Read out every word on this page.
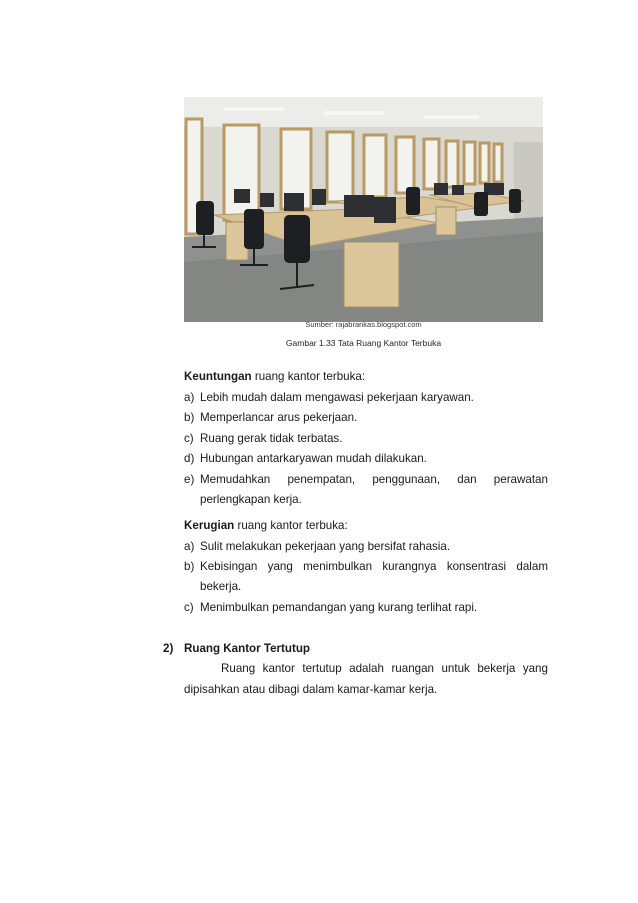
Sumber: rajabrankas.blogspot.com
Gambar 1.33 Tata Ruang Kantor Terbuka
Keuntungan ruang kantor terbuka:
a) Lebih mudah dalam mengawasi pekerjaan karyawan.
b) Memperlancar arus pekerjaan.
c) Ruang gerak tidak terbatas.
d) Hubungan antarkaryawan mudah dilakukan.
e) Memudahkan penempatan, penggunaan, dan perawatan
perlengkapan kerja.
Kerugian ruang kantor terbuka:
a) Sulit melakukan pekerjaan yang bersifat rahasia.
b) Kebisingan yang menimbulkan kurangnya konsentrasi dalam
bekerja.
c) Menimbulkan pemandangan yang kurang terlihat rapi.
2) Ruang Kantor Tertutup
Ruang kantor tertutup adalah ruangan untuk bekerja yang
dipisahkan atau dibagi dalam kamar-kamar kerja.
